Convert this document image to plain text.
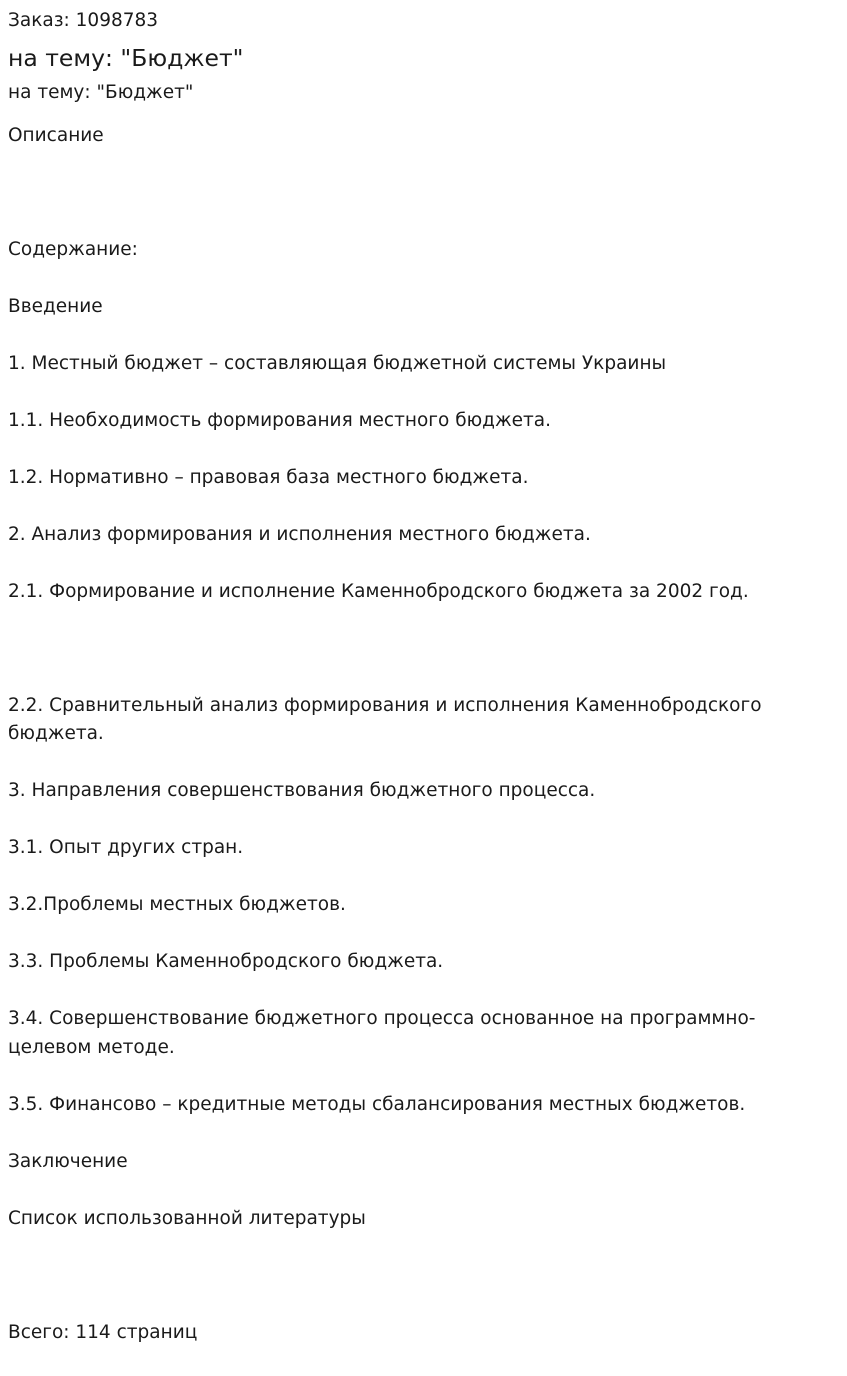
Заказ: 1098783
на тему: "Бюджет"
на тему: "Бюджет"
Описание

Содержание:

Введение

1. Местный бюджет – составляющая бюджетной системы Украины

1.1. Необходимость формирования местного бюджета.

1.2. Нормативно – правовая база местного бюджета.

2. Анализ формирования и исполнения местного бюджета.

2.1. Формирование и исполнение Каменнобродского бюджета за 2002 год.

2.2. Сравнительный анализ формирования и исполнения Каменнобродского бюджета.

3. Направления совершенствования бюджетного процесса.

3.1. Опыт других стран.

3.2.Проблемы местных бюджетов.

3.3. Проблемы Каменнобродского бюджета.

3.4. Совершенствование бюджетного процесса основанное на программно-целевом методе.

3.5. Финансово – кредитные методы сбалансирования местных бюджетов.

Заключение

Список использованной литературы

Всего: 114 страниц
